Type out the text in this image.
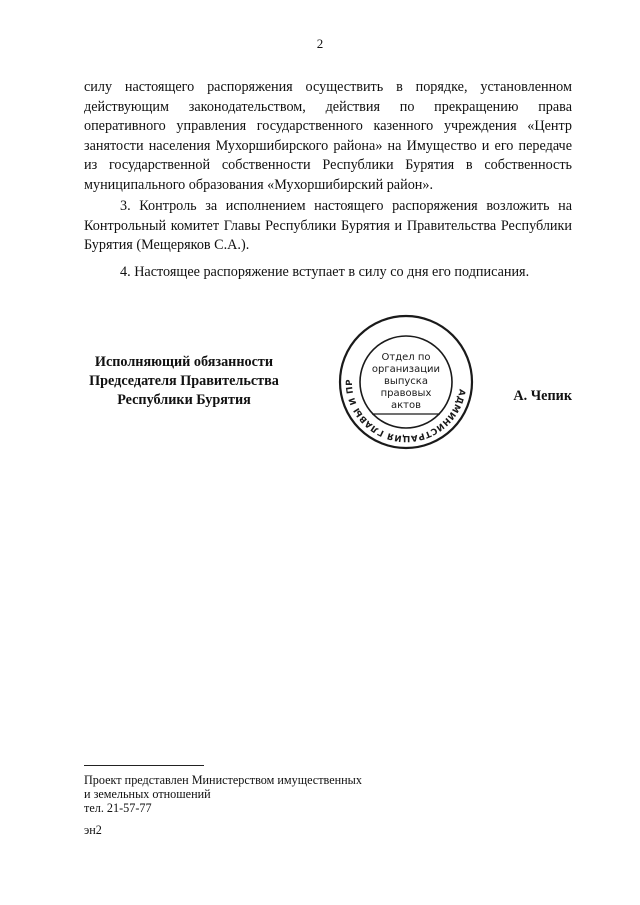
2

силу настоящего распоряжения осуществить в порядке, установленном действующим законодательством, действия по прекращению права оперативного управления государственного казенного учреждения «Центр занятости населения Мухоршибирского района» на Имущество и его передаче из государственной собственности Республики Бурятия в собственность муниципального образования «Мухоршибирский район».

3. Контроль за исполнением настоящего распоряжения возложить на Контрольный комитет Главы Республики Бурятия и Правительства Республики Бурятия (Мещеряков С.А.).

4. Настоящее распоряжение вступает в силу со дня его подписания.

Исполняющий обязанности
Председателя Правительства
Республики Бурятия	АДМИНИСТРАЦИЯ ГЛАВЫ И ПР
Отдел по
организации
выпуска
правовых
актов
А. Чепик
Проект представлен Министерством имущественных
и земельных отношений
тел. 21-57-77
эн2
